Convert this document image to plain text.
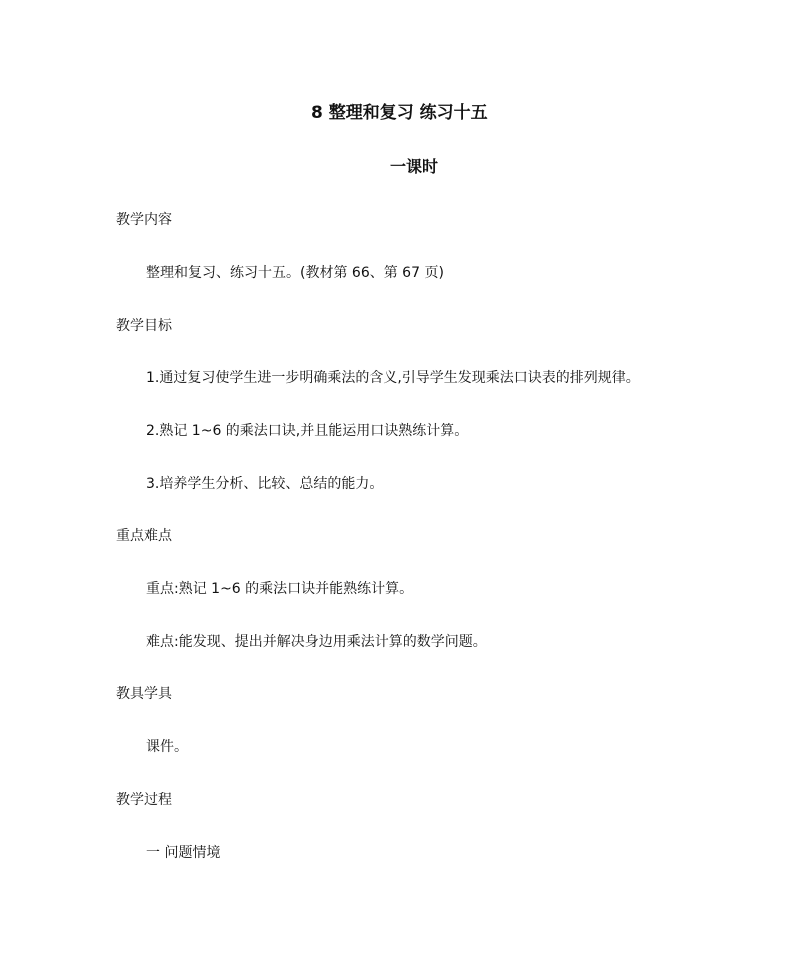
8 整理和复习 练习十五
一课时
教学内容
整理和复习、练习十五。(教材第 66、第 67 页)
教学目标
1.通过复习使学生进一步明确乘法的含义,引导学生发现乘法口诀表的排列规律。
2.熟记 1~6 的乘法口诀,并且能运用口诀熟练计算。
3.培养学生分析、比较、总结的能力。
重点难点
重点:熟记 1~6 的乘法口诀并能熟练计算。
难点:能发现、提出并解决身边用乘法计算的数学问题。
教具学具
课件。
教学过程
一 问题情境
